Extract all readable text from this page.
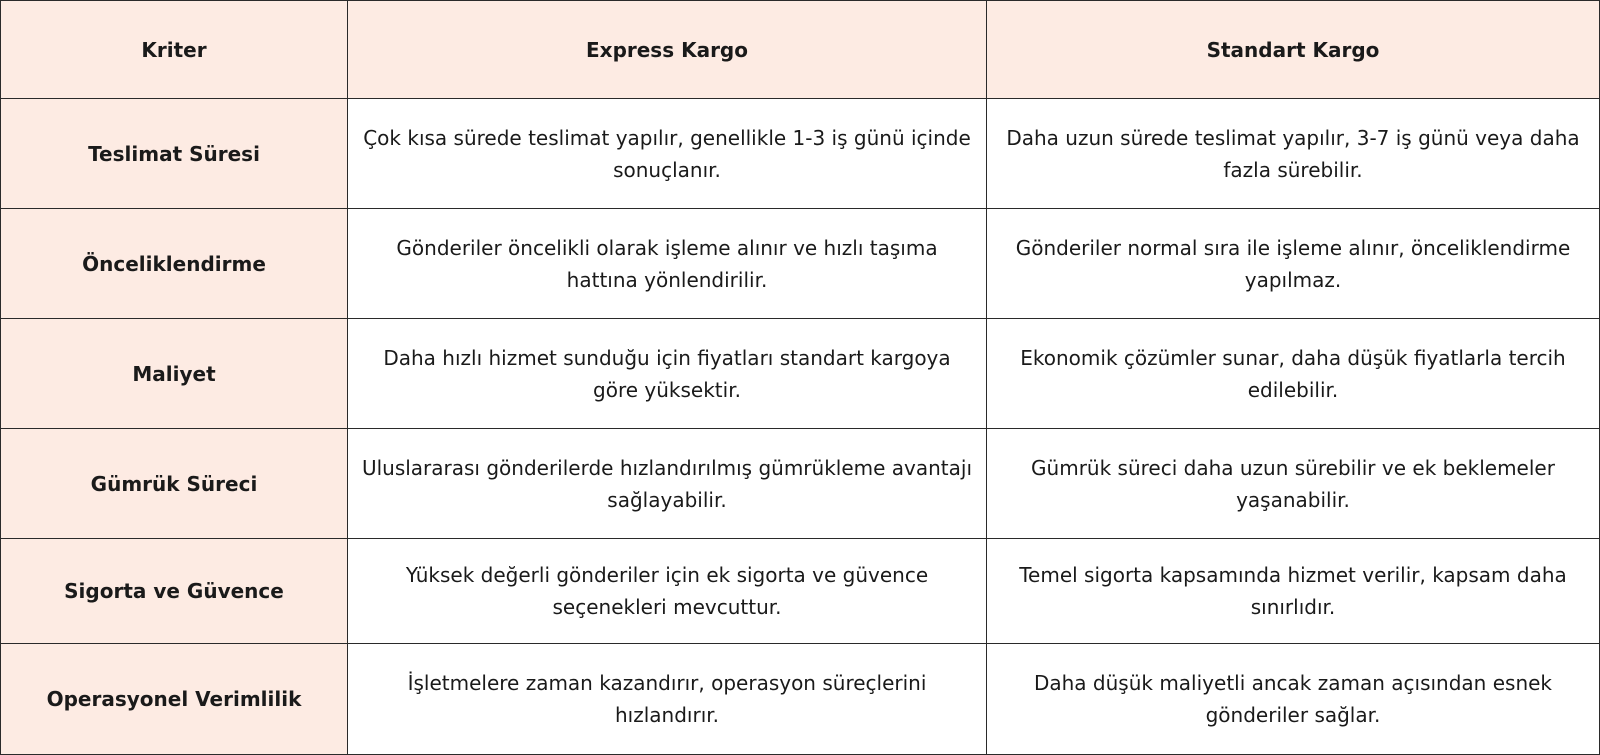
Kriter	Express Kargo	Standart Kargo
Teslimat Süresi	Çok kısa sürede teslimat yapılır, genellikle 1-3 iş günü içinde sonuçlanır.	Daha uzun sürede teslimat yapılır, 3-7 iş günü veya daha fazla sürebilir.
Önceliklendirme	Gönderiler öncelikli olarak işleme alınır ve hızlı taşıma hattına yönlendirilir.	Gönderiler normal sıra ile işleme alınır, önceliklendirme yapılmaz.
Maliyet	Daha hızlı hizmet sunduğu için fiyatları standart kargoya göre yüksektir.	Ekonomik çözümler sunar, daha düşük fiyatlarla tercih edilebilir.
Gümrük Süreci	Uluslararası gönderilerde hızlandırılmış gümrükleme avantajı sağlayabilir.	Gümrük süreci daha uzun sürebilir ve ek beklemeler yaşanabilir.
Sigorta ve Güvence	Yüksek değerli gönderiler için ek sigorta ve güvence seçenekleri mevcuttur.	Temel sigorta kapsamında hizmet verilir, kapsam daha sınırlıdır.
Operasyonel Verimlilik	İşletmelere zaman kazandırır, operasyon süreçlerini hızlandırır.	Daha düşük maliyetli ancak zaman açısından esnek gönderiler sağlar.
